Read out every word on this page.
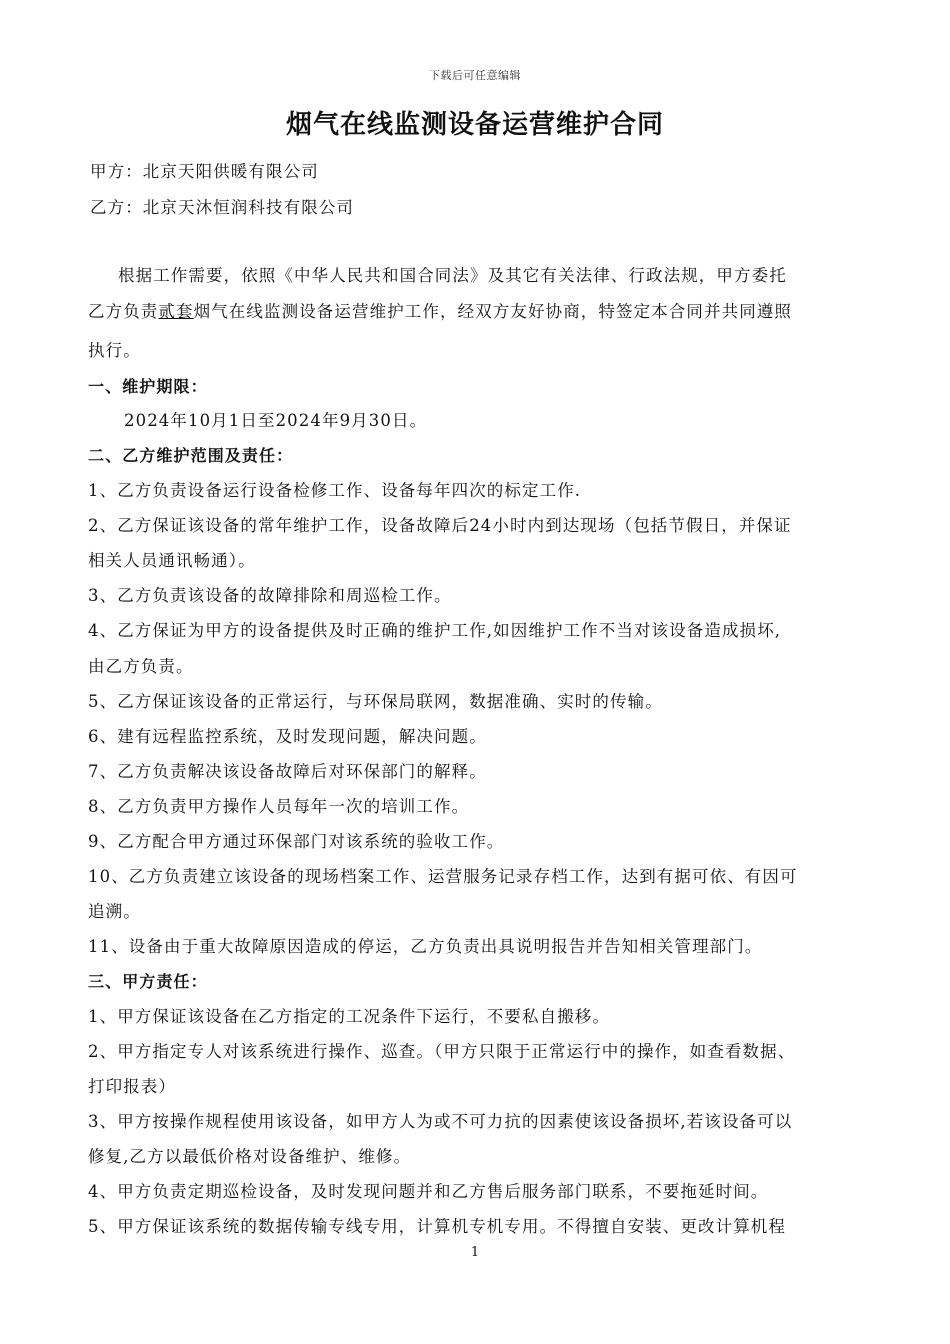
下载后可任意编辑
烟气在线监测设备运营维护合同
甲方：北京天阳供暖有限公司
乙方：北京天沐恒润科技有限公司
根据工作需要，依照《中华人民共和国合同法》及其它有关法律、行政法规，甲方委托
乙方负责贰套烟气在线监测设备运营维护工作，经双方友好协商，特签定本合同并共同遵照
执行。
一、维护期限：
2024年10月1日至2024年9月30日。
二、乙方维护范围及责任：
1、乙方负责设备运行设备检修工作、设备每年四次的标定工作.
2、乙方保证该设备的常年维护工作，设备故障后24小时内到达现场（包括节假日，并保证
相关人员通讯畅通）。
3、乙方负责该设备的故障排除和周巡检工作。
4、乙方保证为甲方的设备提供及时正确的维护工作,如因维护工作不当对该设备造成损坏,
由乙方负责。
5、乙方保证该设备的正常运行，与环保局联网，数据准确、实时的传输。
6、建有远程监控系统，及时发现问题，解决问题。
7、乙方负责解决该设备故障后对环保部门的解释。
8、乙方负责甲方操作人员每年一次的培训工作。
9、乙方配合甲方通过环保部门对该系统的验收工作。
10、乙方负责建立该设备的现场档案工作、运营服务记录存档工作，达到有据可依、有因可
追溯。
11、设备由于重大故障原因造成的停运，乙方负责出具说明报告并告知相关管理部门。
三、甲方责任：
1、甲方保证该设备在乙方指定的工况条件下运行，不要私自搬移。
2、甲方指定专人对该系统进行操作、巡查。（甲方只限于正常运行中的操作，如查看数据、
打印报表）
3、甲方按操作规程使用该设备，如甲方人为或不可力抗的因素使该设备损坏,若该设备可以
修复,乙方以最低价格对设备维护、维修。
4、甲方负责定期巡检设备，及时发现问题并和乙方售后服务部门联系，不要拖延时间。
5、甲方保证该系统的数据传输专线专用，计算机专机专用。不得擅自安装、更改计算机程
1
